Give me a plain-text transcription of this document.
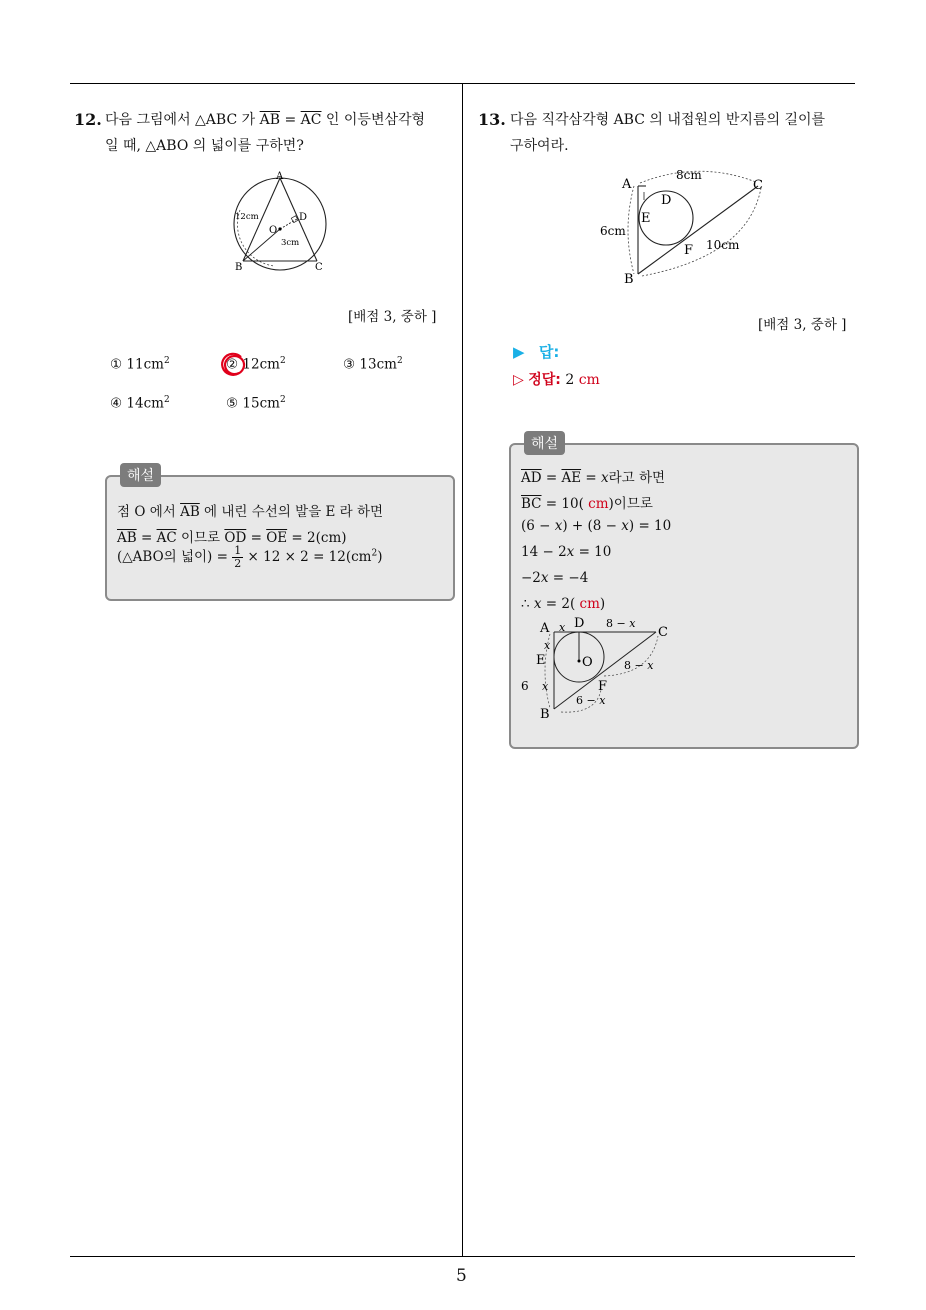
5
12. 다음 그림에서 △ABC 가 $\overline{AB} = \overline{AC}$ 인 이등변삼각형
일 때, △ABO 의 넓이를 구하면?
A
B	C
O
D
12cm
3cm
[배점 3, 중하 ]
① $11cm^2$	② $12cm^2$	③ $13cm^2$
④ $14cm^2$	⑤ $15cm^2$
해설
점 O 에서 $\overline{AB}$ 에 내린 수선의 발을 E 라 하면
$\overline{AB} = \overline{AC}$ 이므로 $\overline{OD} = \overline{OE} = 2(cm)$
(△ABO의 넓이) = $\frac{1}{2} \times 12 \times 2 = 12(cm^2)$
13. 다음 직각삼각형 ABC 의 내접원의 반지름의 길이를
구하여라.
A
B
C
D
E
F
8cm
6cm
10cm
[배점 3, 중하 ]
▶ 답:
▷ 정답: 2 cm
해설
$\overline{AD} = \overline{AE}$ = 𝑥라고 하면
$\overline{BC} = 10$( cm)이므로
(6 − 𝑥) + (8 − 𝑥) = 10
14 − 2𝑥 = 10
−2𝑥 = −4
∴ 𝑥 = 2( cm)
A D
C
E	O
F
B
𝑥	8 − 𝑥
𝑥
𝑥
6
8 − 𝑥
6 − 𝑥
